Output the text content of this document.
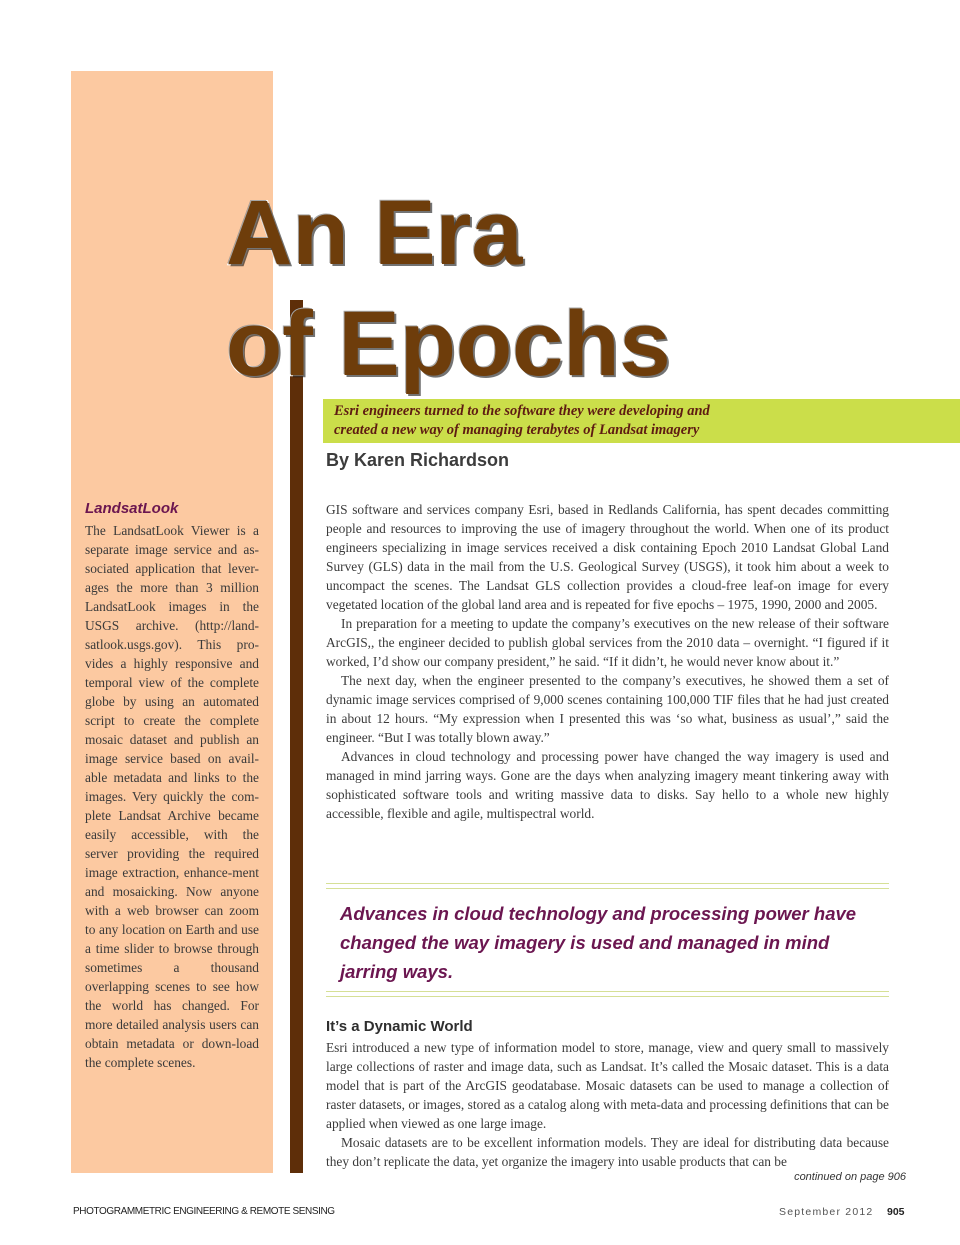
An Era
of Epochs
Esri engineers turned to the software they were developing and
created a new way of managing terabytes of Landsat imagery
By Karen Richardson
LandsatLook

The LandsatLook Viewer is a separate image service and as-sociated application that lever-ages the more than 3 million LandsatLook images in the USGS archive. (http://land-satlook.usgs.gov). This pro-vides a highly responsive and temporal view of the complete globe by using an automated script to create the complete mosaic dataset and publish an image service based on avail-able metadata and links to the images. Very quickly the com-plete Landsat Archive became easily accessible, with the server providing the required image extraction, enhance-ment and mosaicking. Now anyone with a web browser can zoom to any location on Earth and use a time slider to browse through sometimes a thousand overlapping scenes to see how the world has changed. For more detailed analysis users can obtain metadata or down-load the complete scenes.

GIS software and services company Esri, based in Redlands California, has spent decades committing people and resources to improving the use of imagery throughout the world. When one of its product engineers specializing in image services received a disk containing Epoch 2010 Landsat Global Land Survey (GLS) data in the mail from the U.S. Geological Survey (USGS), it took him about a week to uncompact the scenes. The Landsat GLS collection provides a cloud-free leaf-on image for every vegetated location of the global land area and is repeated for five epochs – 1975, 1990, 2000 and 2005.

In preparation for a meeting to update the company’s executives on the new release of their software ArcGIS,, the engineer decided to publish global services from the 2010 data – overnight. “I figured if it worked, I’d show our company president,” he said. “If it didn’t, he would never know about it.”

The next day, when the engineer presented to the company’s executives, he showed them a set of dynamic image services comprised of 9,000 scenes containing 100,000 TIF files that he had just created in about 12 hours. “My expression when I presented this was ‘so what, business as usual’,” said the engineer. “But I was totally blown away.”

Advances in cloud technology and processing power have changed the way imagery is used and managed in mind jarring ways. Gone are the days when analyzing imagery meant tinkering away with sophisticated software tools and writing massive data to disks. Say hello to a whole new highly accessible, flexible and agile, multispectral world.

Advances in cloud technology and processing power have changed the way imagery is used and managed in mind jarring ways.

It’s a Dynamic World

Esri introduced a new type of information model to store, manage, view and query small to massively large collections of raster and image data, such as Landsat. It’s called the Mosaic dataset. This is a data model that is part of the ArcGIS geodatabase. Mosaic datasets can be used to manage a collection of raster datasets, or images, stored as a catalog along with meta-data and processing definitions that can be applied when viewed as one large image.

Mosaic datasets are to be excellent information models. They are ideal for distributing data because they don’t replicate the data, yet organize the imagery into usable products that can be

continued on page 906
PHOTOGRAMMETRIC ENGINEERING & REMOTE SENSING	September 2012 905
